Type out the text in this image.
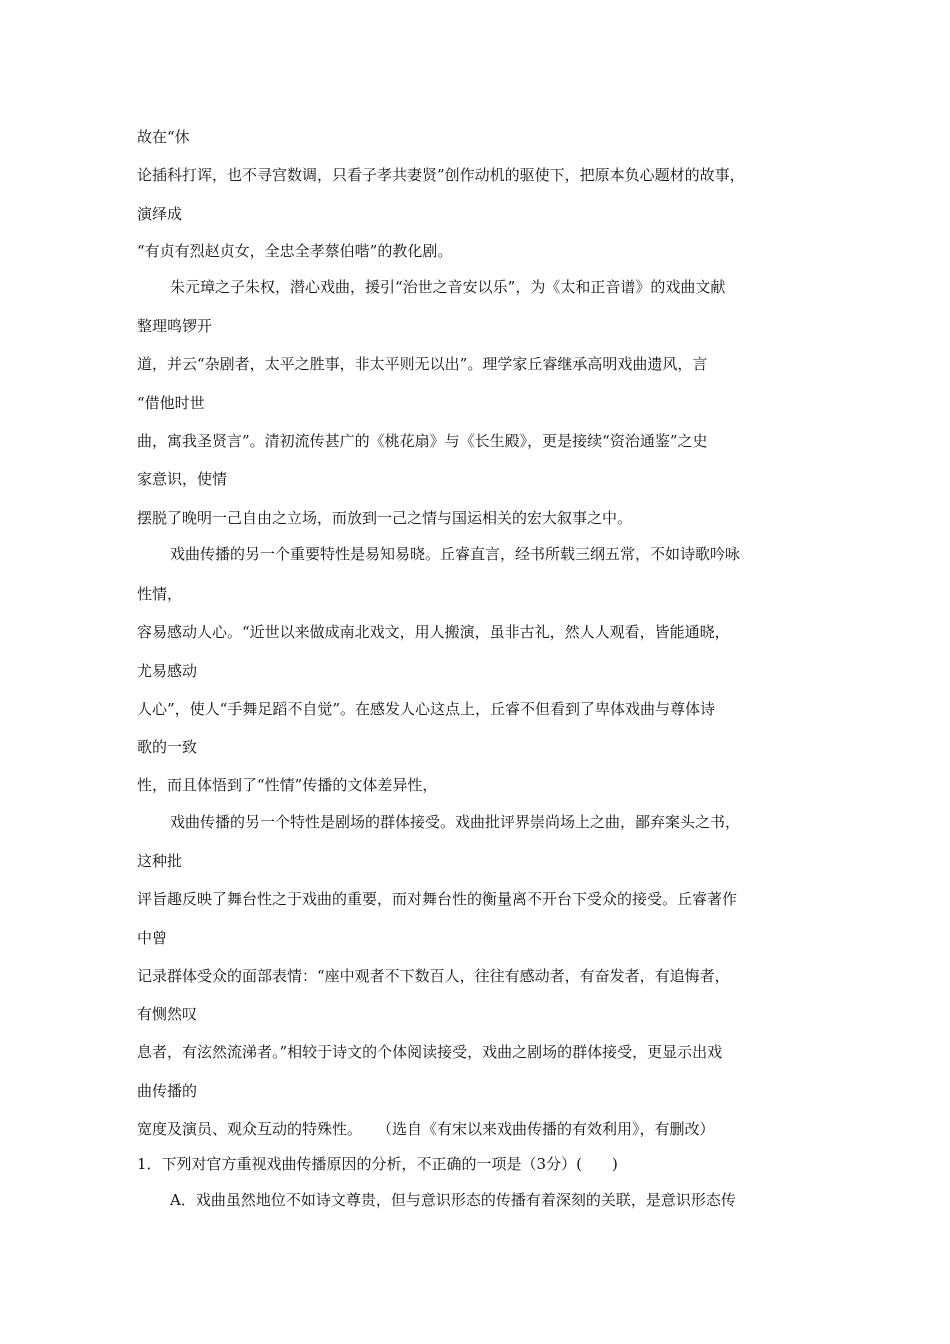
故在“休
论插科打诨，也不寻宫数调，只看子孝共妻贤”创作动机的驱使下，把原本负心题材的故事，
演绎成
“有贞有烈赵贞女，全忠全孝蔡伯喈”的教化剧。
朱元璋之子朱权，潜心戏曲，援引“治世之音安以乐”，为《太和正音谱》的戏曲文献
整理鸣锣开
道，并云“杂剧者，太平之胜事，非太平则无以出”。理学家丘睿继承高明戏曲遗风，言
“借他时世
曲，寓我圣贤言”。清初流传甚广的《桃花扇》与《长生殿》，更是接续“资治通鉴”之史
家意识，使情
摆脱了晚明一己自由之立场，而放到一己之情与国运相关的宏大叙事之中。
戏曲传播的另一个重要特性是易知易晓。丘睿直言，经书所载三纲五常，不如诗歌吟咏
性情，
容易感动人心。“近世以来做成南北戏文，用人搬演，虽非古礼，然人人观看，皆能通晓，
尤易感动
人心”，使人“手舞足蹈不自觉”。在感发人心这点上，丘睿不但看到了卑体戏曲与尊体诗
歌的一致
性，而且体悟到了“性情”传播的文体差异性，
戏曲传播的另一个特性是剧场的群体接受。戏曲批评界崇尚场上之曲，鄙弃案头之书，
这种批
评旨趣反映了舞台性之于戏曲的重要，而对舞台性的衡量离不开台下受众的接受。丘睿著作
中曾
记录群体受众的面部表情：“座中观者不下数百人，往往有感动者，有奋发者，有追悔者，
有恻然叹
息者，有泫然流涕者。”相较于诗文的个体阅读接受，戏曲之剧场的群体接受，更显示出戏
曲传播的
宽度及演员、观众互动的特殊性。　　（选自《有宋以来戏曲传播的有效利用》，有删改）
1．下列对官方重视戏曲传播原因的分析，不正确的一项是（3分）(　　)
A．戏曲虽然地位不如诗文尊贵，但与意识形态的传播有着深刻的关联，是意识形态传
